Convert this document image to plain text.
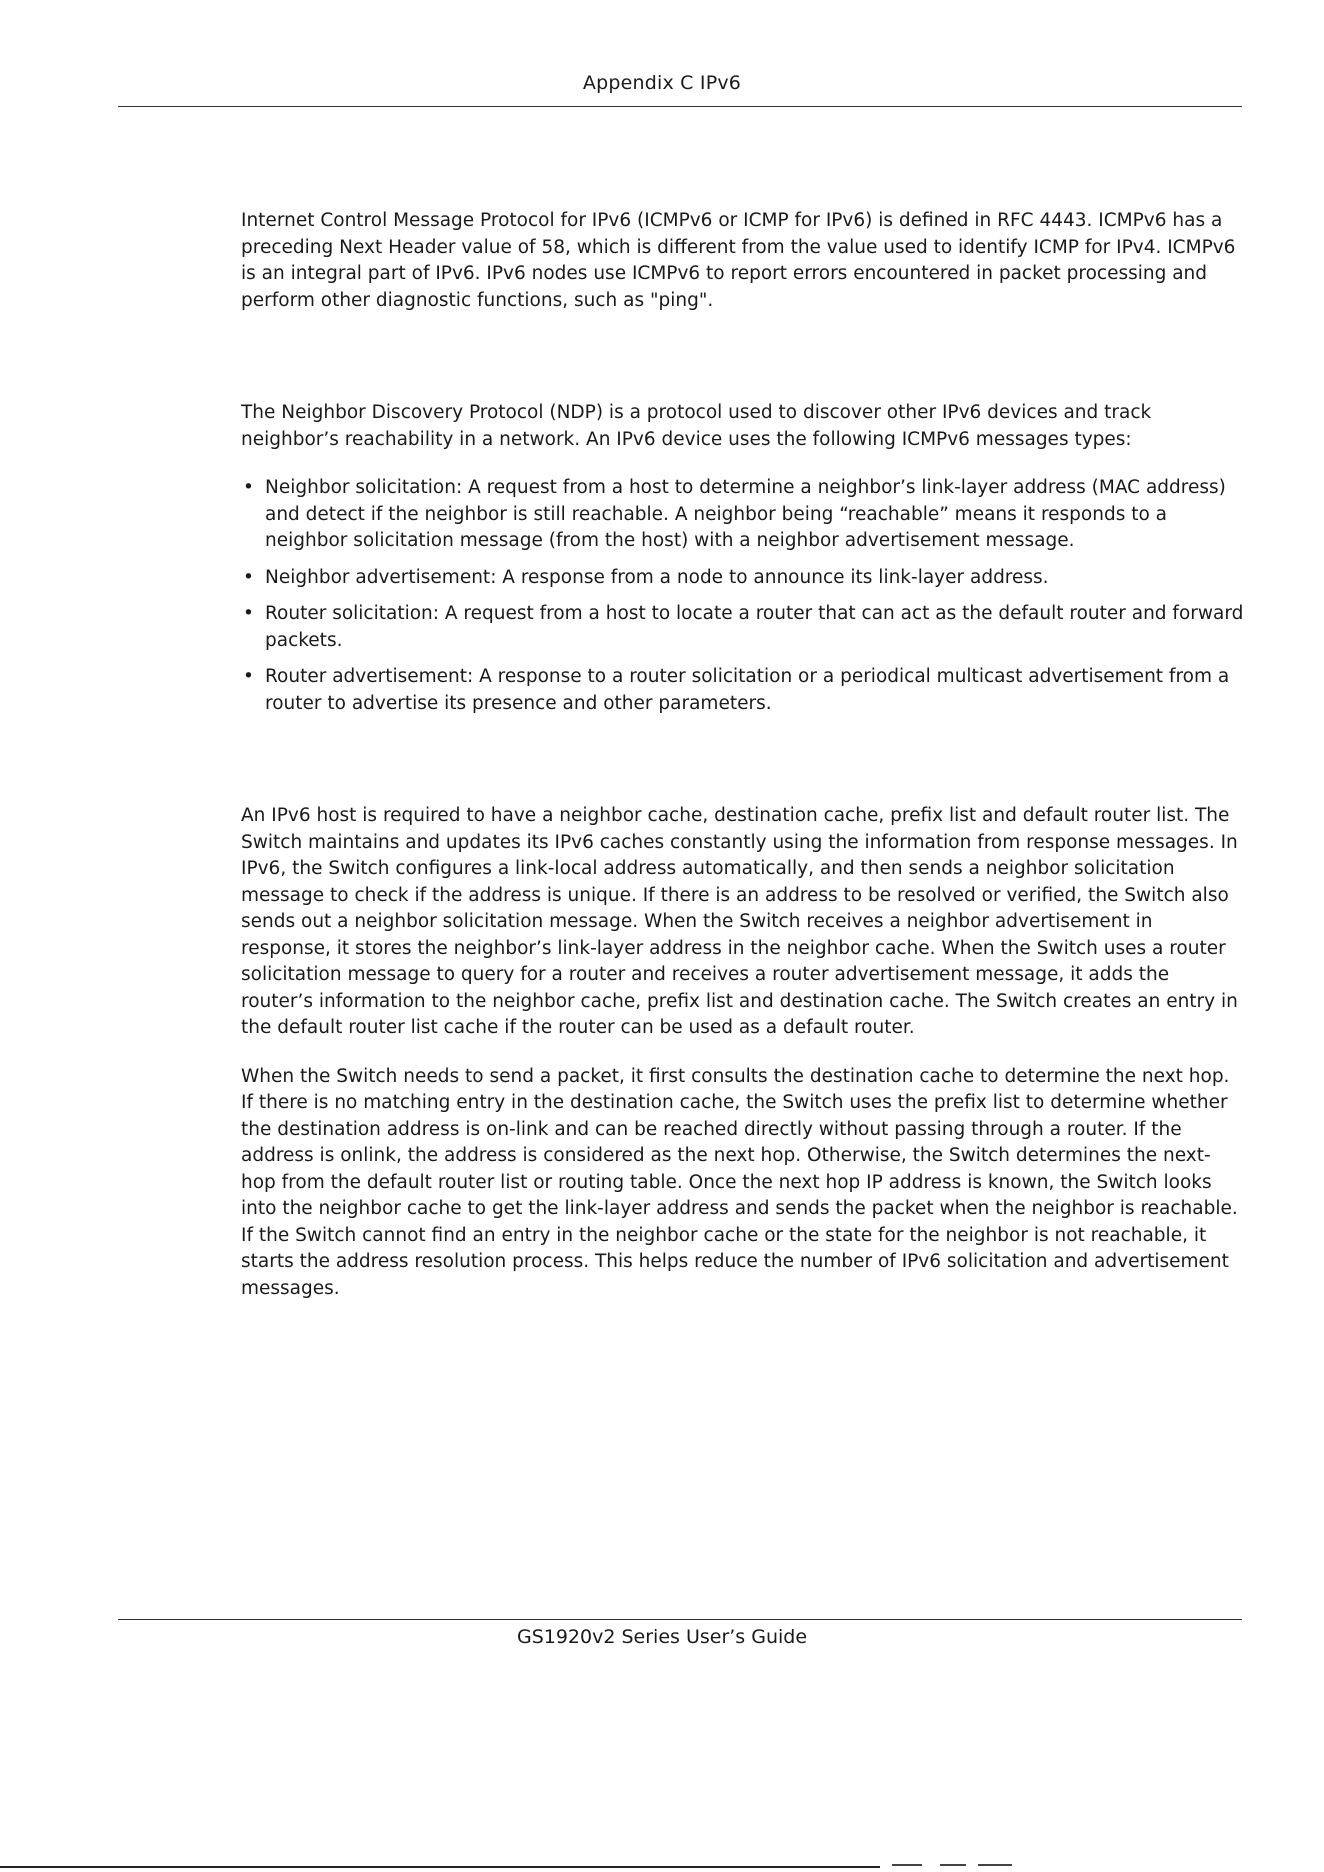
Appendix C IPv6

Internet Control Message Protocol for IPv6 (ICMPv6 or ICMP for IPv6) is defined in RFC 4443. ICMPv6 has a preceding Next Header value of 58, which is different from the value used to identify ICMP for IPv4. ICMPv6 is an integral part of IPv6. IPv6 nodes use ICMPv6 to report errors encountered in packet processing and perform other diagnostic functions, such as "ping".

The Neighbor Discovery Protocol (NDP) is a protocol used to discover other IPv6 devices and track neighbor’s reachability in a network. An IPv6 device uses the following ICMPv6 messages types:

• Neighbor solicitation: A request from a host to determine a neighbor’s link-layer address (MAC address) and detect if the neighbor is still reachable. A neighbor being “reachable” means it responds to a neighbor solicitation message (from the host) with a neighbor advertisement message.
• Neighbor advertisement: A response from a node to announce its link-layer address.
• Router solicitation: A request from a host to locate a router that can act as the default router and forward packets.
• Router advertisement: A response to a router solicitation or a periodical multicast advertisement from a router to advertise its presence and other parameters.

An IPv6 host is required to have a neighbor cache, destination cache, prefix list and default router list. The Switch maintains and updates its IPv6 caches constantly using the information from response messages. In IPv6, the Switch configures a link-local address automatically, and then sends a neighbor solicitation message to check if the address is unique. If there is an address to be resolved or verified, the Switch also sends out a neighbor solicitation message. When the Switch receives a neighbor advertisement in response, it stores the neighbor’s link-layer address in the neighbor cache. When the Switch uses a router solicitation message to query for a router and receives a router advertisement message, it adds the router’s information to the neighbor cache, prefix list and destination cache. The Switch creates an entry in the default router list cache if the router can be used as a default router.

When the Switch needs to send a packet, it first consults the destination cache to determine the next hop. If there is no matching entry in the destination cache, the Switch uses the prefix list to determine whether the destination address is on-link and can be reached directly without passing through a router. If the address is onlink, the address is considered as the next hop. Otherwise, the Switch determines the next-hop from the default router list or routing table. Once the next hop IP address is known, the Switch looks into the neighbor cache to get the link-layer address and sends the packet when the neighbor is reachable. If the Switch cannot find an entry in the neighbor cache or the state for the neighbor is not reachable, it starts the address resolution process. This helps reduce the number of IPv6 solicitation and advertisement messages.

GS1920v2 Series User’s Guide
